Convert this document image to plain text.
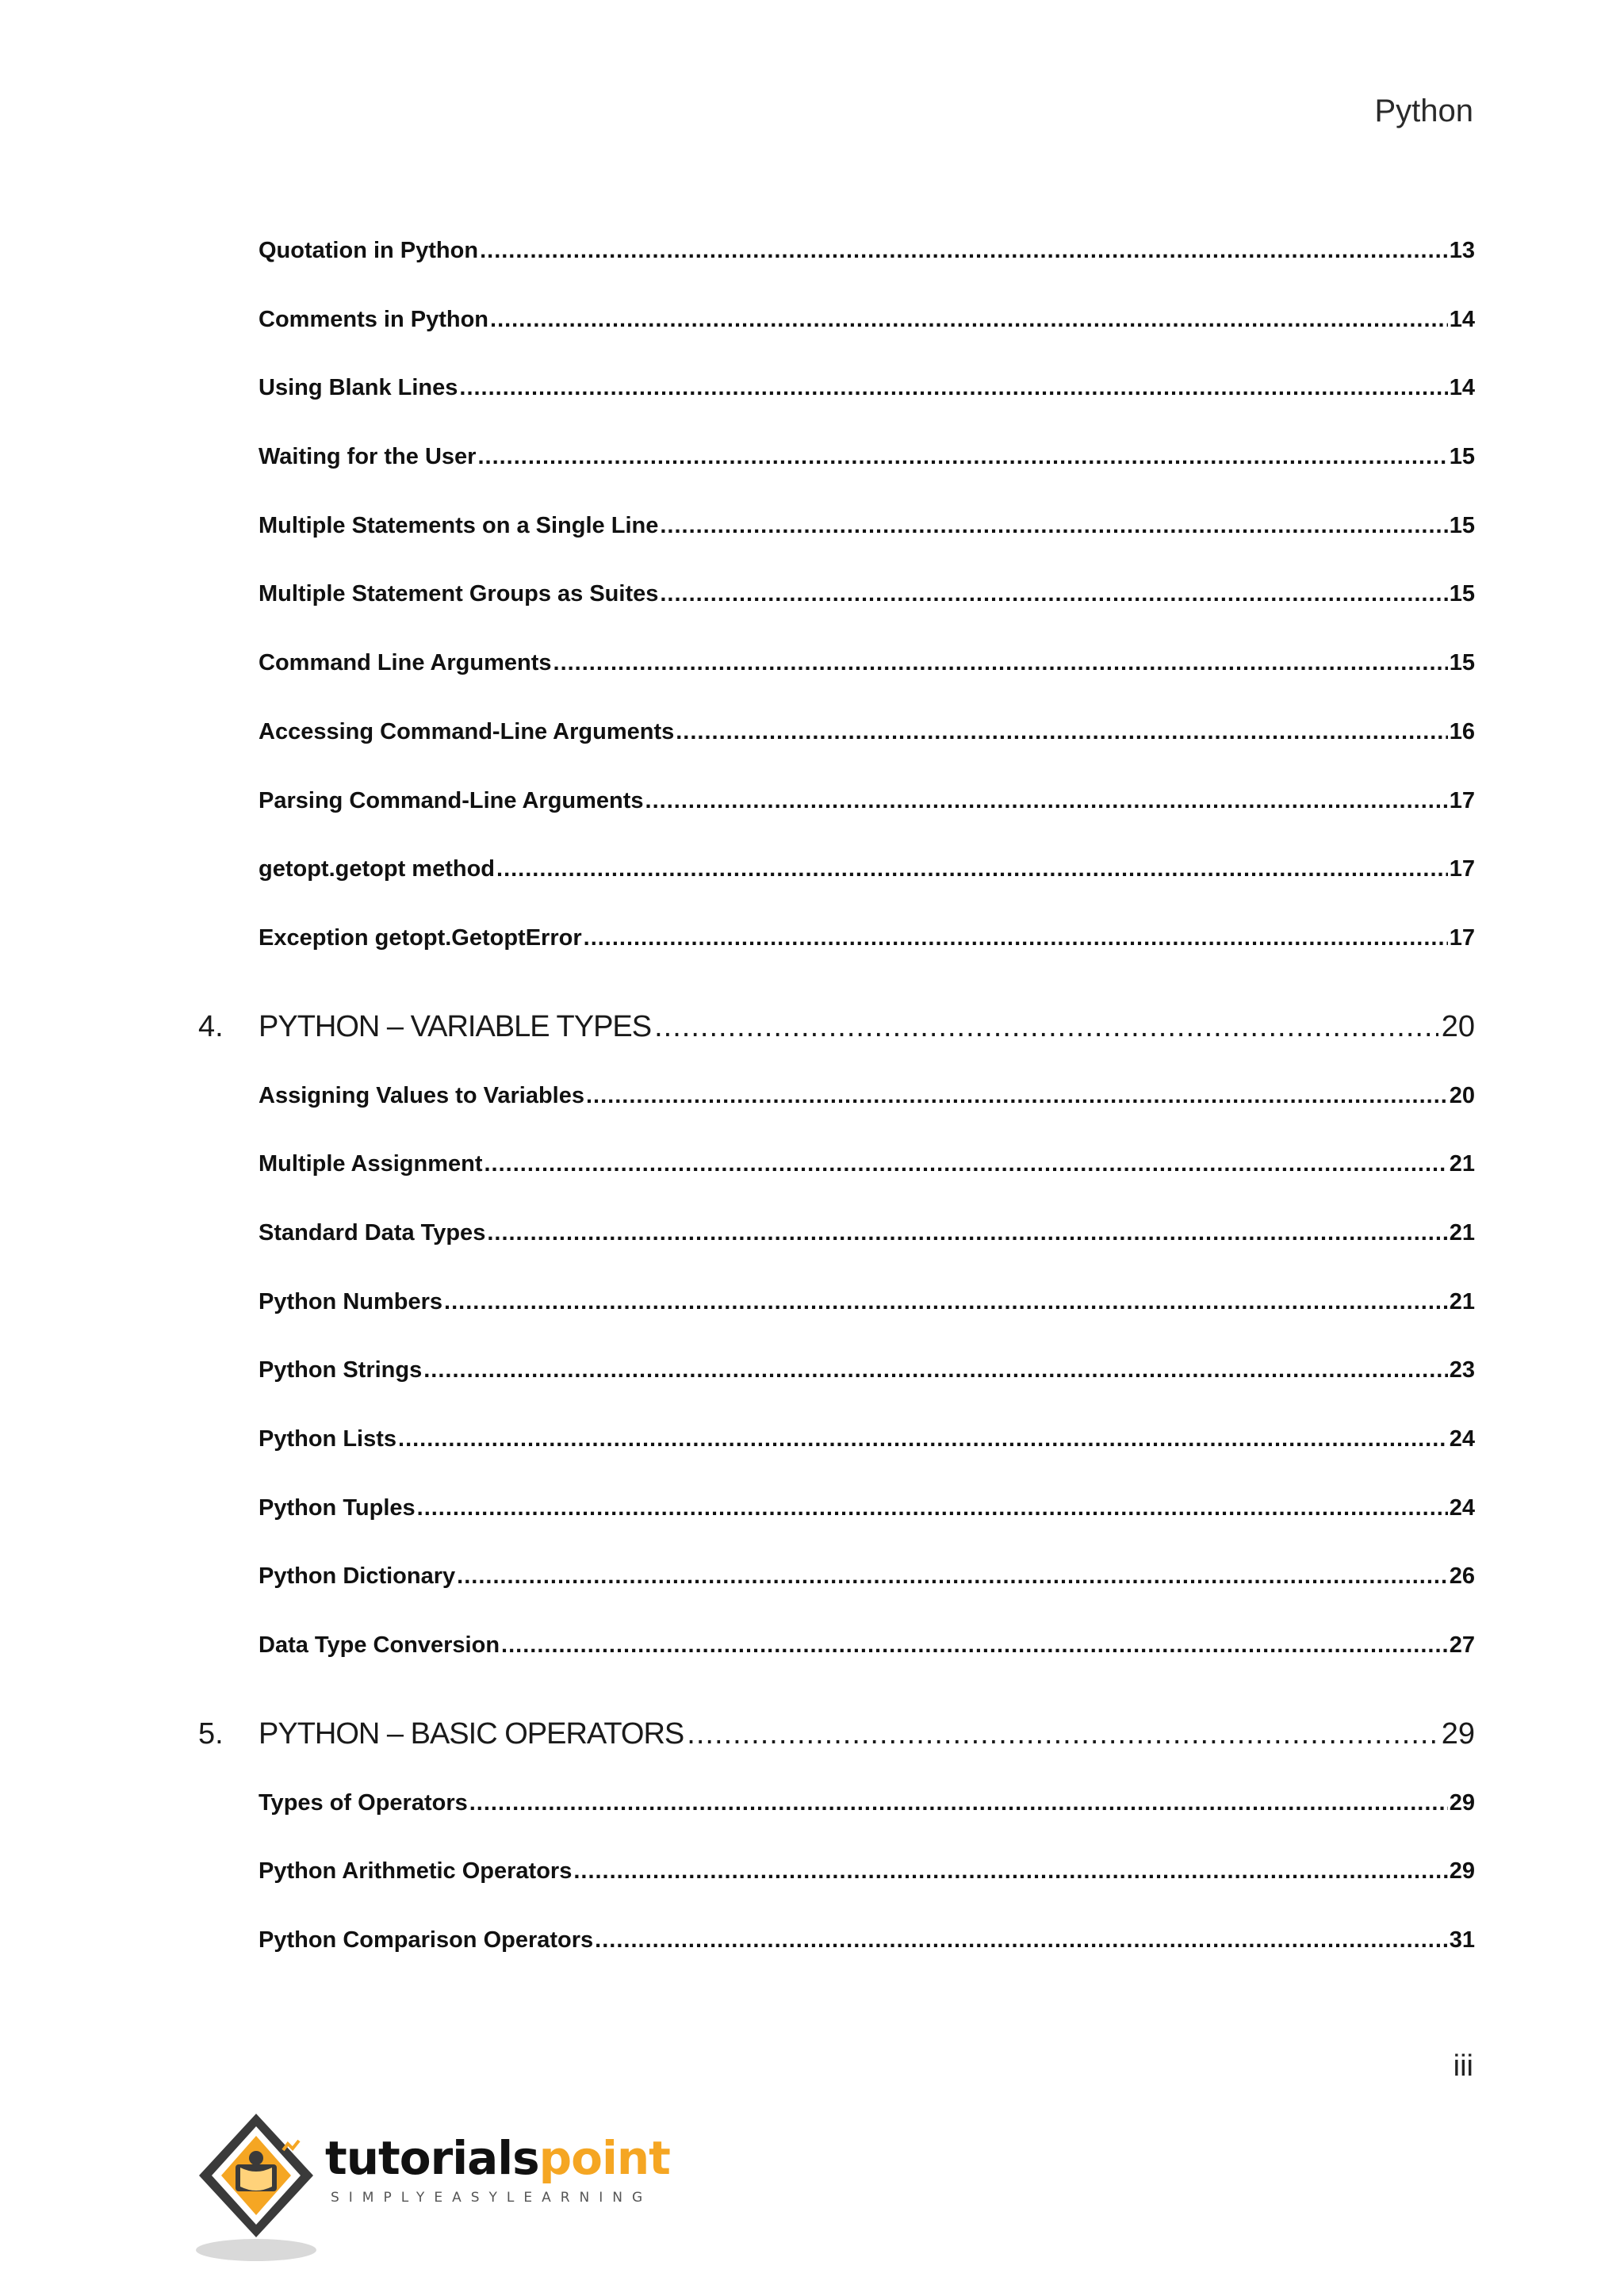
Python
Quotation in Python .....	13
Comments in Python .....	14
Using Blank Lines .....	14
Waiting for the User .....	15
Multiple Statements on a Single Line .....	15
Multiple Statement Groups as Suites .....	15
Command Line Arguments .....	15
Accessing Command-Line Arguments .....	16
Parsing Command-Line Arguments .....	17
getopt.getopt method .....	17
Exception getopt.GetoptError .....	17
4.	PYTHON – VARIABLE TYPES .....	20
Assigning Values to Variables .....	20
Multiple Assignment .....	21
Standard Data Types .....	21
Python Numbers .....	21
Python Strings .....	23
Python Lists .....	24
Python Tuples .....	24
Python Dictionary .....	26
Data Type Conversion .....	27
5.	PYTHON – BASIC OPERATORS .....	29
Types of Operators .....	29
Python Arithmetic Operators .....	29
Python Comparison Operators .....	31
iii
tutorialspoint
SIMPLYEASYLEARNING
